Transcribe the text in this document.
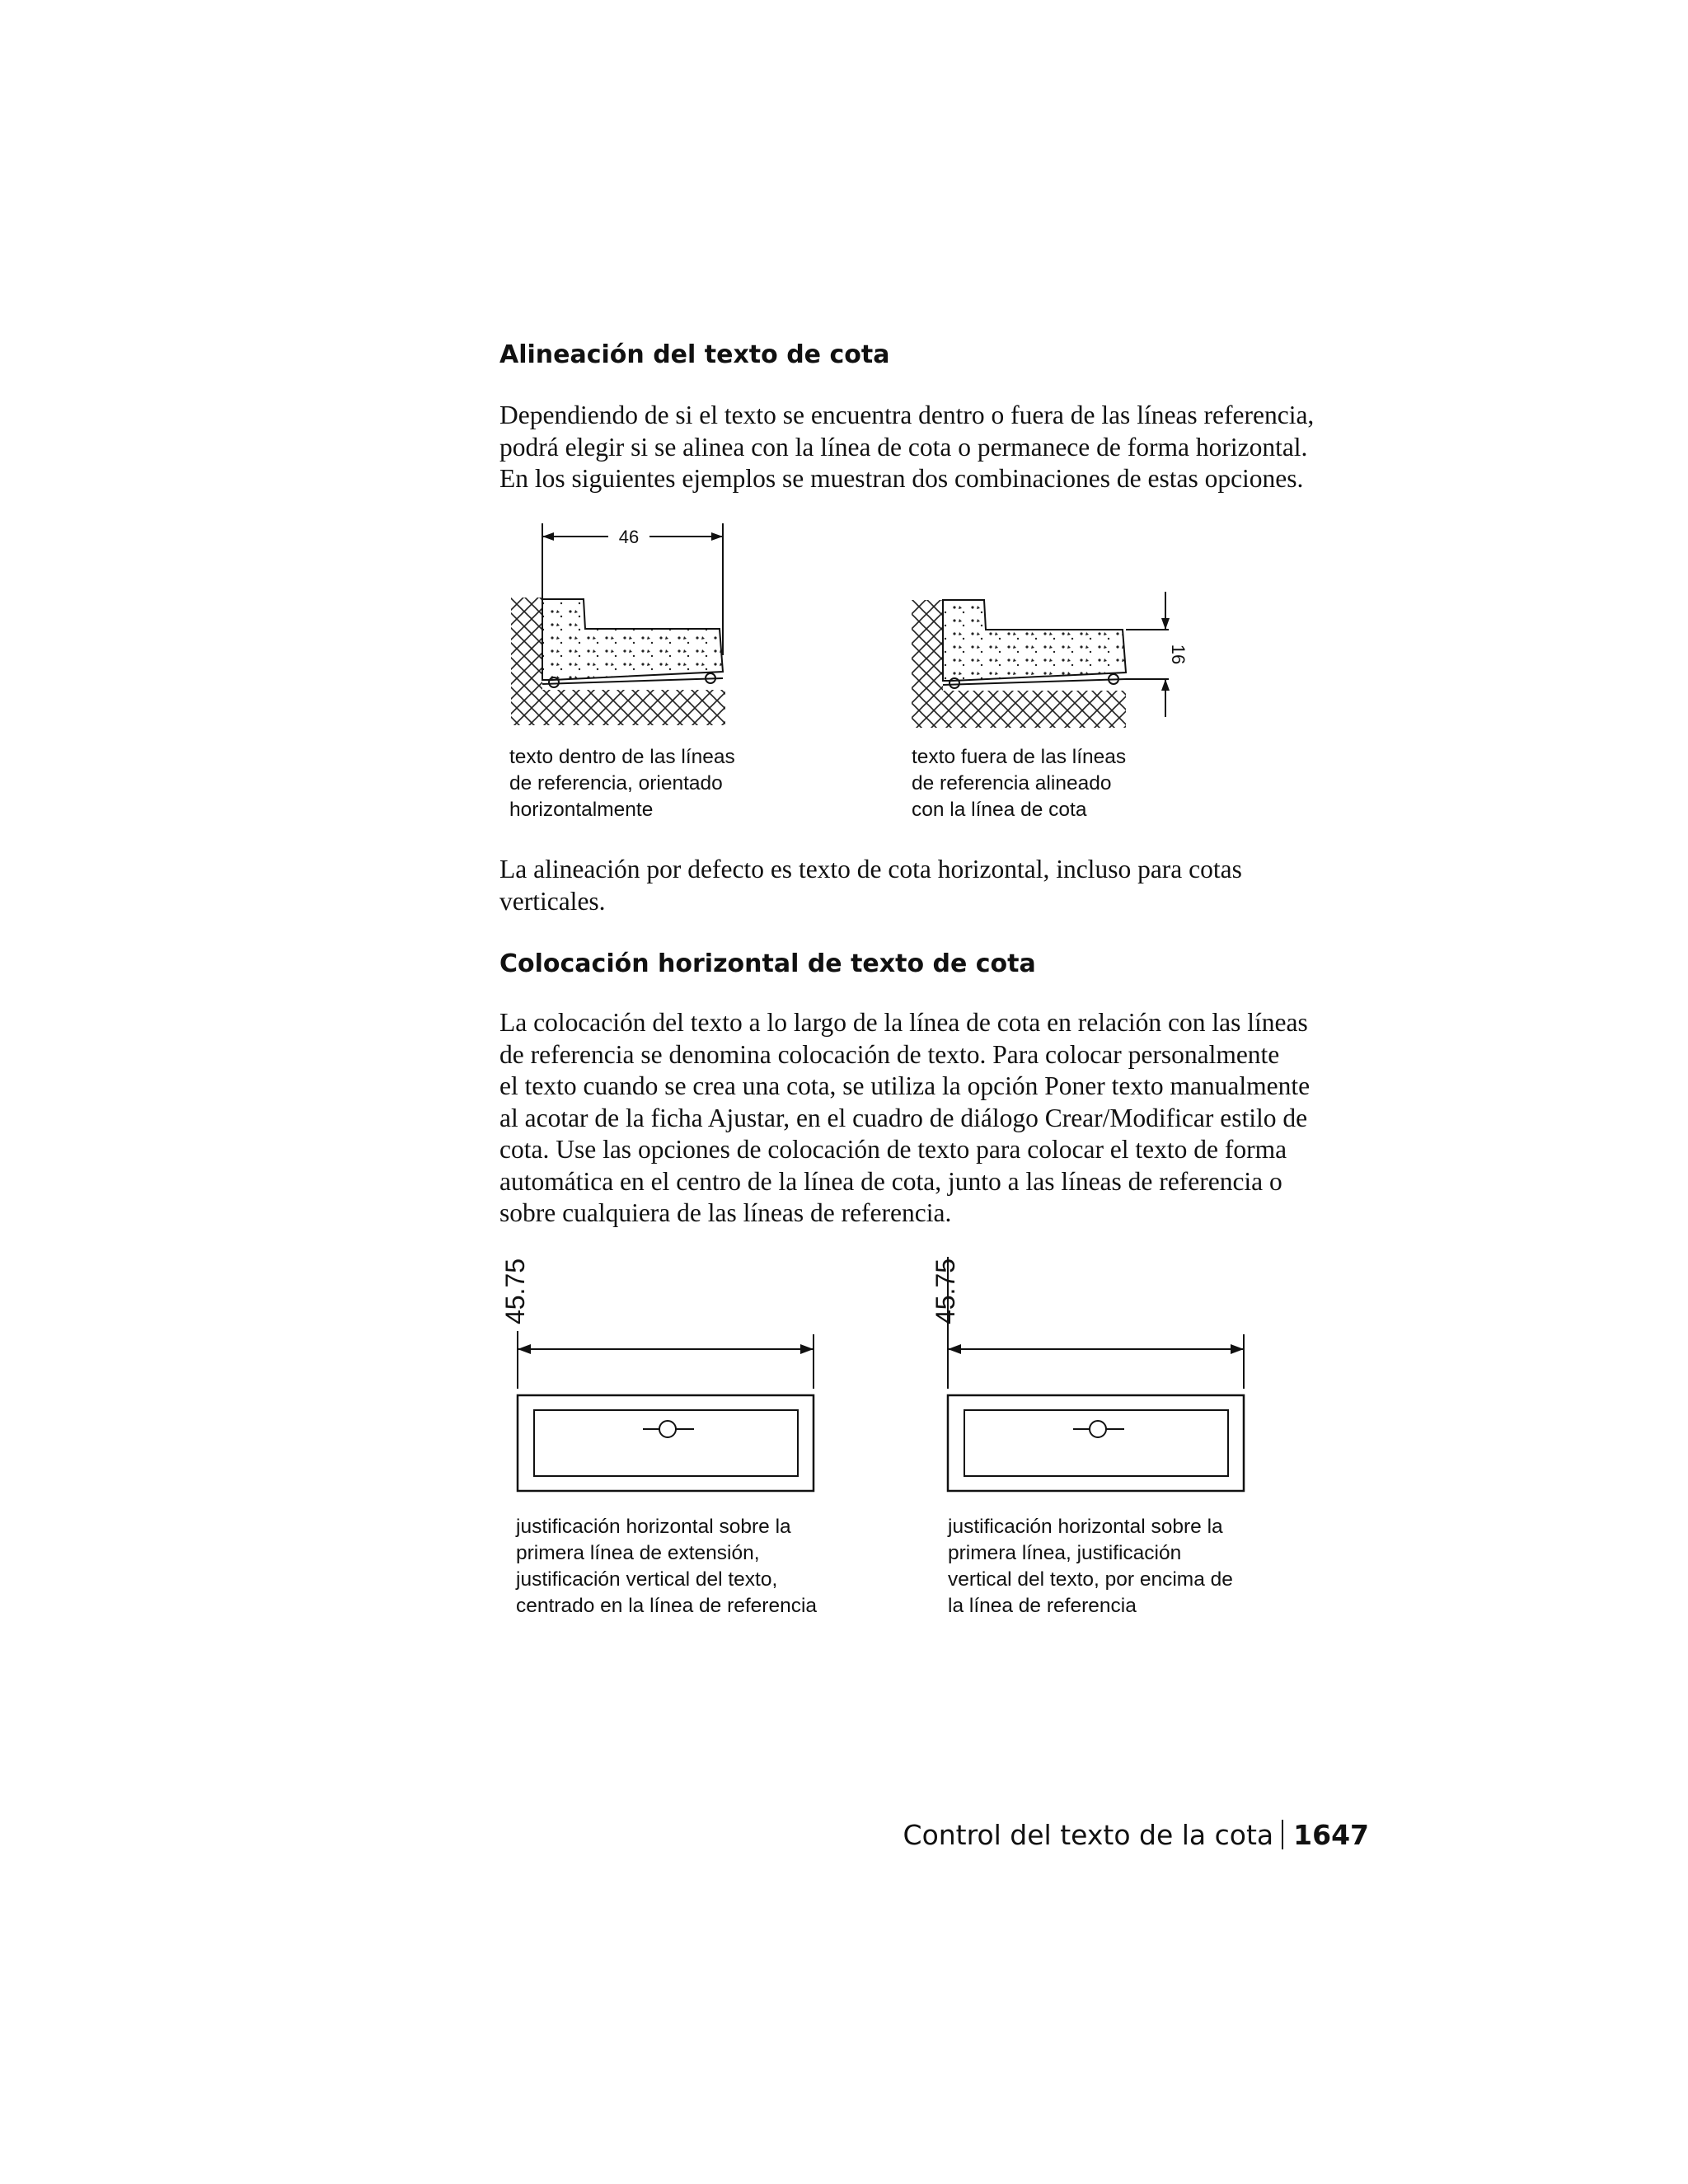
Alineación del texto de cota

Dependiendo de si el texto se encuentra dentro o fuera de las líneas referencia,
podrá elegir si se alinea con la línea de cota o permanece de forma horizontal.
En los siguientes ejemplos se muestran dos combinaciones de estas opciones.

46
16

texto dentro de las líneas
de referencia, orientado
horizontalmente

texto fuera de las líneas
de referencia alineado
con la línea de cota

La alineación por defecto es texto de cota horizontal, incluso para cotas
verticales.

Colocación horizontal de texto de cota

La colocación del texto a lo largo de la línea de cota en relación con las líneas
de referencia se denomina colocación de texto. Para colocar personalmente
el texto cuando se crea una cota, se utiliza la opción Poner texto manualmente
al acotar de la ficha Ajustar, en el cuadro de diálogo Crear/Modificar estilo de
cota. Use las opciones de colocación de texto para colocar el texto de forma
automática en el centro de la línea de cota, junto a las líneas de referencia o
sobre cualquiera de las líneas de referencia.

45.75	45.75

justificación horizontal sobre la
primera línea de extensión,
justificación vertical del texto,
centrado en la línea de referencia

justificación horizontal sobre la
primera línea, justificación
vertical del texto, por encima de
la línea de referencia

Control del texto de la cota 1647
